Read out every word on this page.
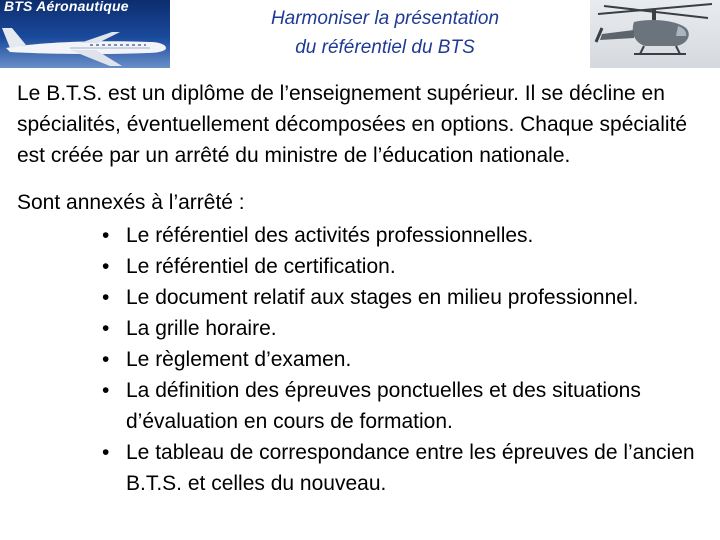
BTS Aéronautique
Harmoniser la présentation
du référentiel du BTS

Le B.T.S. est un diplôme de l’enseignement supérieur. Il se décline en spécialités, éventuellement décomposées en options. Chaque spécialité est créée par un arrêté du ministre de l’éducation nationale.

Sont annexés à l’arrêté :

• Le référentiel des activités professionnelles.
• Le référentiel de certification.
• Le document relatif aux stages en milieu professionnel.
• La grille horaire.
• Le règlement d’examen.
• La définition des épreuves ponctuelles et des situations d’évaluation en cours de formation.
• Le tableau de correspondance entre les épreuves de l’ancien B.T.S. et celles du nouveau.
